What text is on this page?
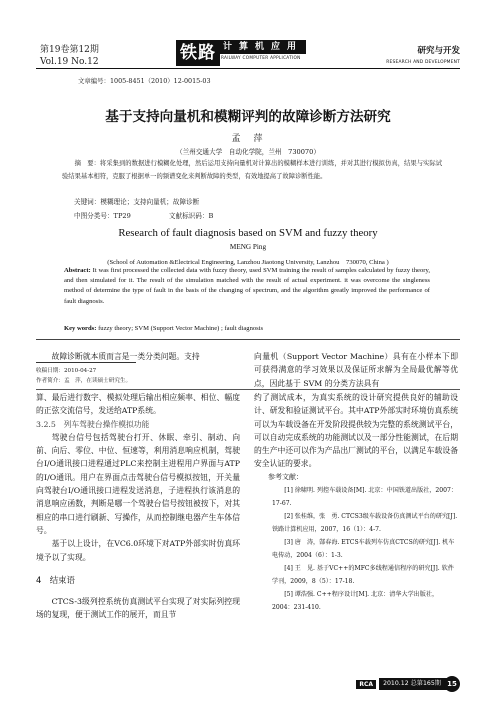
第19卷第12期
Vol.19 No.12	铁路 计算机应用
RAILWAY COMPUTER APPLICATION
研究与开发
RESEARCH AND DEVELOPMENT
文章编号：1005-8451（2010）12-0015-03
基于支持向量机和模糊评判的故障诊断方法研究
孟　萍
（兰州交通大学　自动化学院，兰州　730070）
摘　要：将采集到的数据进行模糊化处理，然后运用支持向量机对计算出的模糊样本进行训练，并对其进行模拟仿真，结果与实际试验结果基本相符，克服了根据单一的频谱变化来判断故障的类型，有效地提高了故障诊断性能。
关键词：模糊理论；支持向量机；故障诊断
中图分类号：TP29	文献标识码：B
Research of fault diagnosis based on SVM and fuzzy theory
MENG Ping
(School of Automation &Electrical Engineering, Lanzhou Jiaotong University, Lanzhou　730070, China )
Abstract: It was first processed the collected data with fuzzy theory, used SVM training the result of samples calculated by fuzzy theory, and then simulated for it. The result of the simulation matched with the result of actual experiment. it was overcome the singleness method of determine the type of fault in the basis of the changing of spectrum, and the algorithm greatly improved the performance of fault diagnosis.
Key words: fuzzy theory; SVM (Support Vector Machine) ; fault diagnosis

故障诊断就本质而言是一类分类问题。支持

收稿日期：2010-04-27
作者简介：孟　萍，在读硕士研究生。

向量机（Support Vector Machine）具有在小样本下即可获得满意的学习效果以及保证所求解为全局最优解等优点，因此基于 SVM 的分类方法具有

算、最后进行数字、模拟处理后输出相应频率、相位、幅度的正弦交流信号，发送给ATP系统。

3.2.5　列车驾驶台操作模拟功能

驾驶台信号包括驾驶台打开、休眠、牵引、制动、向前、向后、零位、中位、恒速等，利用消息响应机制，驾驶台I/O通讯接口进程通过PLC来控制主进程用户界面与ATP的I/O通讯。用户在界面点击驾驶台信号模拟按钮，开关量向驾驶台I/O通讯接口进程发送消息，子进程执行该消息的消息响应函数，判断是哪一个驾驶台信号按钮被按下，对其相应的串口进行刷新、写操作，从而控制继电器产生车体信号。

基于以上设计，在VC6.0环境下对ATP外部实时仿真环境予以了实现。

4　结束语

CTCS-3级列控系统仿真测试平台实现了对实际列控现场的复现，便于测试工作的展开，而且节

约了测试成本，为真实系统的设计研究提供良好的辅助设计、研发和验证测试平台。其中ATP外部实时环境仿真系统可以为车载设备在开发阶段提供较为完整的系统测试平台，可以自动完成系统的功能测试以及一部分性能测试，在后期的生产中还可以作为产品出厂测试的平台，以满足车载设备安全认证的要求。

参考文献：

[1] 徐啸明. 列控车载设备[M]. 北京：中国铁道出版社，2007：17-67.

[2] 张桂维，张　勇. CTCS3级车载设备仿真测试平台的研究[J]. 铁路计算机应用，2007，16（1）：4-7.

[3] 唐　涛，郜春海. ETCS车载列车仿真CTCS的研究[J]. 机车电传动，2004（6）：1-3.

[4] 王　见. 基于VC++的MFC多线程通信程序的研究[J]. 软件学刊，2009，8（5）：17-18.

[5] 谭浩强. C++程序设计[M]. 北京：清华大学出版社，2004：231-410.

RCA	2010.12 总第165期 15
